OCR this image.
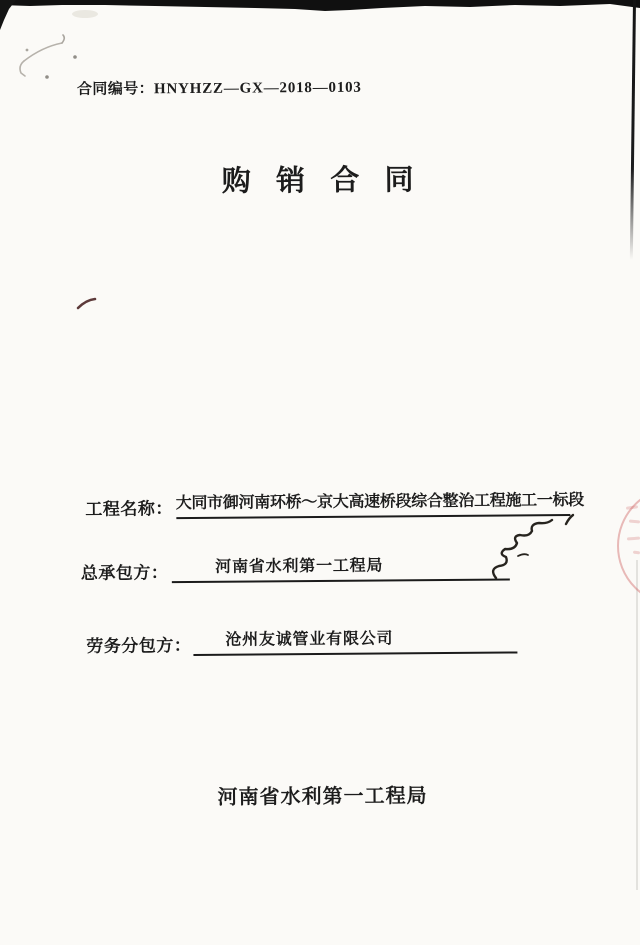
合同编号：HNYHZZ—GX—2018—0103
购 销 合 同
工程名称： 大同市御河南环桥～京大高速桥段综合整治工程施工一标段
总承包方：	河南省水利第一工程局
劳务分包方： 沧州友诚管业有限公司
河南省水利第一工程局
